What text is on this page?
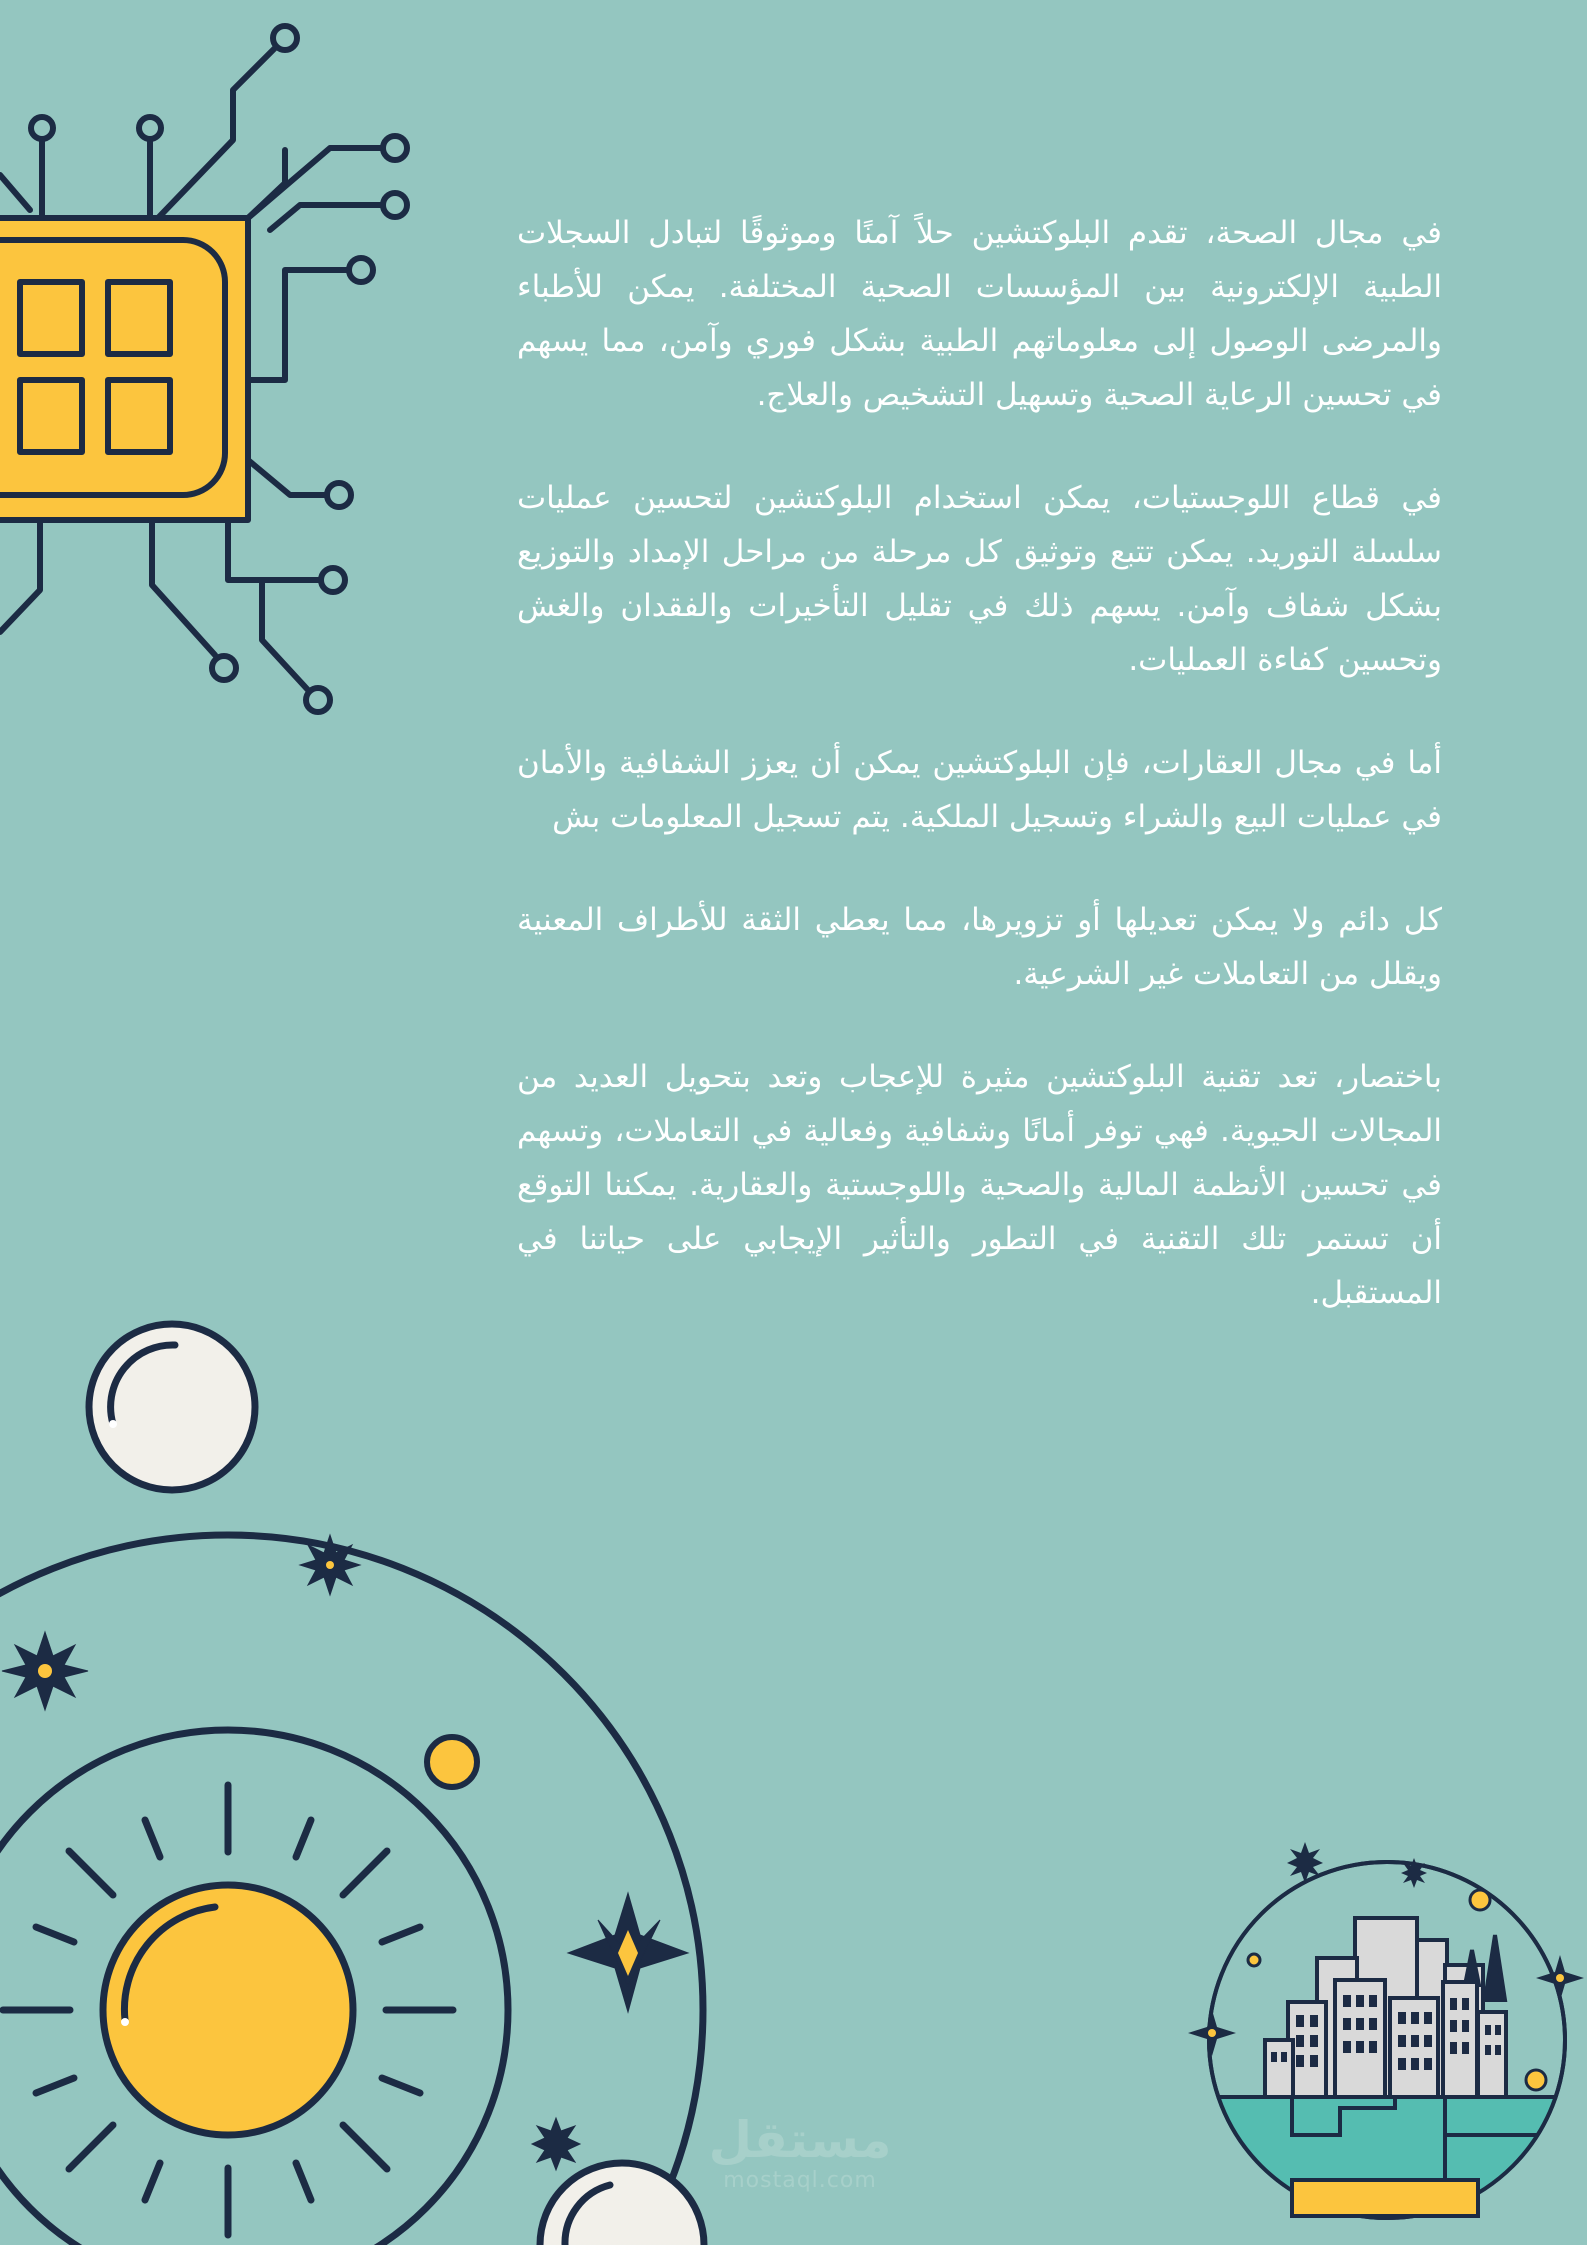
في مجال الصحة، تقدم البلوكتشين حلاً آمنًا وموثوقًا لتبادل السجلات الطبية الإلكترونية بين المؤسسات الصحية المختلفة. يمكن للأطباء والمرضى الوصول إلى معلوماتهم الطبية بشكل فوري وآمن، مما يسهم في تحسين الرعاية الصحية وتسهيل التشخيص والعلاج.

في قطاع اللوجستيات، يمكن استخدام البلوكتشين لتحسين عمليات سلسلة التوريد. يمكن تتبع وتوثيق كل مرحلة من مراحل الإمداد والتوزيع بشكل شفاف وآمن. يسهم ذلك في تقليل التأخيرات والفقدان والغش وتحسين كفاءة العمليات.

أما في مجال العقارات، فإن البلوكتشين يمكن أن يعزز الشفافية والأمان في عمليات البيع والشراء وتسجيل الملكية. يتم تسجيل المعلومات بش

كل دائم ولا يمكن تعديلها أو تزويرها، مما يعطي الثقة للأطراف المعنية ويقلل من التعاملات غير الشرعية.

باختصار، تعد تقنية البلوكتشين مثيرة للإعجاب وتعد بتحويل العديد من المجالات الحيوية. فهي توفر أمانًا وشفافية وفعالية في التعاملات، وتسهم في تحسين الأنظمة المالية والصحية واللوجستية والعقارية. يمكننا التوقع أن تستمر تلك التقنية في التطور والتأثير الإيجابي على حياتنا في المستقبل.

مستقل
mostaql.com
